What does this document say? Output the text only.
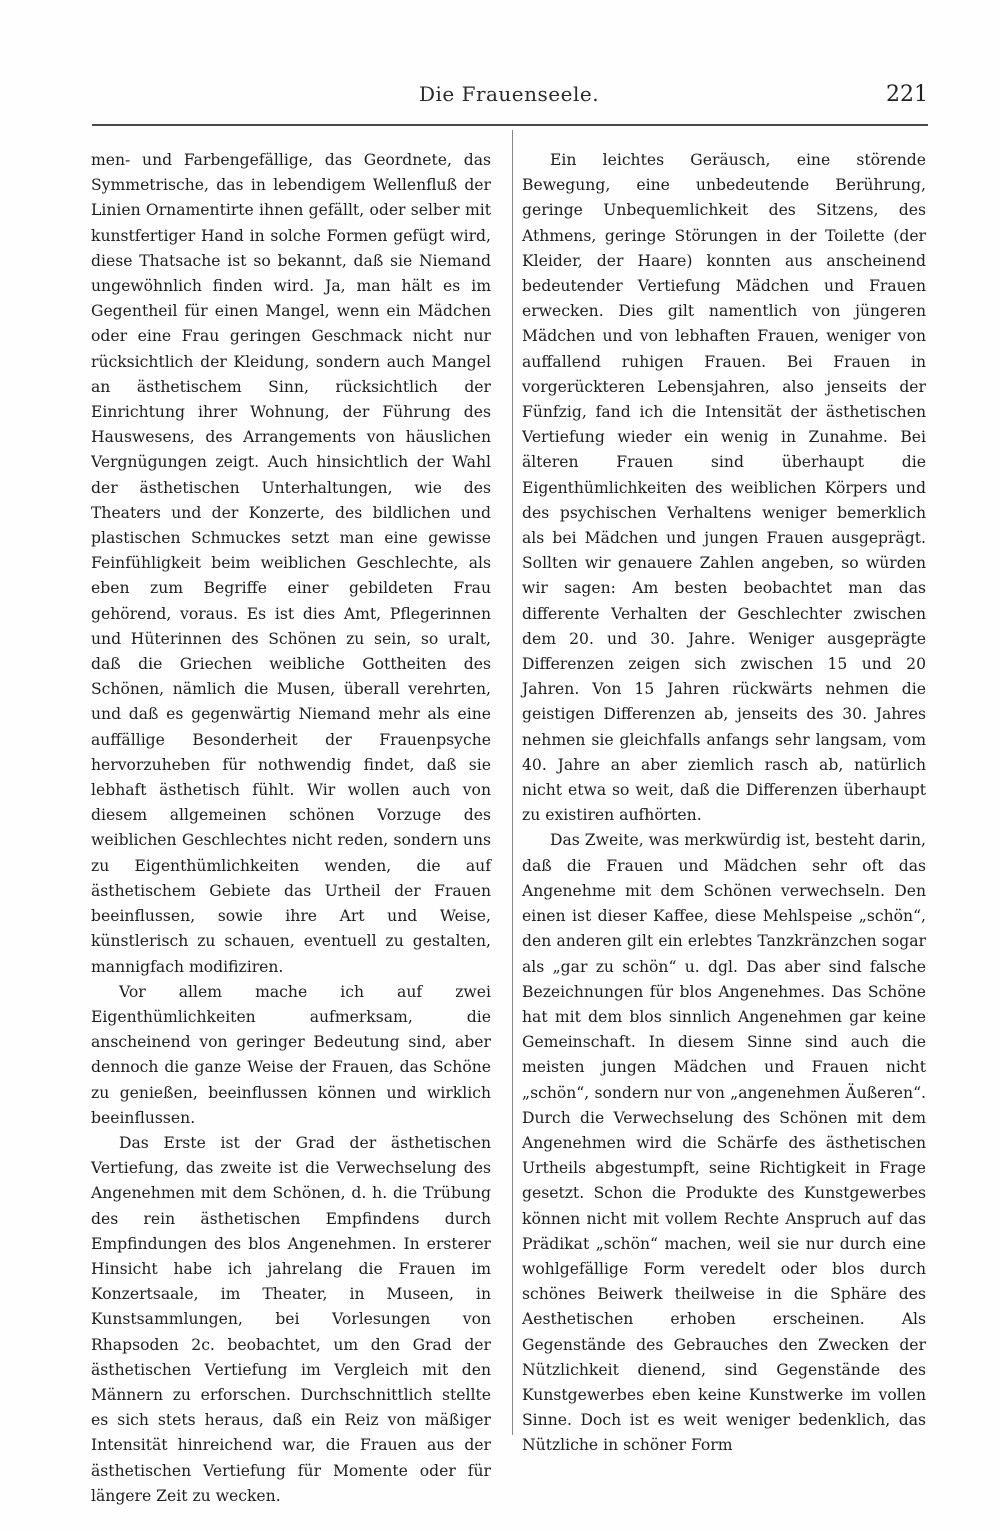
Die Frauenseele.	221

men- und Farbengefällige, das Geordnete, das Symmetrische, das in lebendigem Wellenfluß der Linien Ornamentirte ihnen gefällt, oder selber mit kunstfertiger Hand in solche Formen gefügt wird, diese Thatsache ist so bekannt, daß sie Niemand ungewöhnlich finden wird. Ja, man hält es im Gegentheil für einen Mangel, wenn ein Mädchen oder eine Frau geringen Geschmack nicht nur rücksichtlich der Kleidung, sondern auch Mangel an ästhetischem Sinn, rücksichtlich der Einrichtung ihrer Wohnung, der Führung des Hauswesens, des Arrangements von häuslichen Vergnügungen zeigt. Auch hinsichtlich der Wahl der ästhetischen Unterhaltungen, wie des Theaters und der Konzerte, des bildlichen und plastischen Schmuckes setzt man eine gewisse Feinfühligkeit beim weiblichen Geschlechte, als eben zum Begriffe einer gebildeten Frau gehörend, voraus. Es ist dies Amt, Pflegerinnen und Hüterinnen des Schönen zu sein, so uralt, daß die Griechen weibliche Gottheiten des Schönen, nämlich die Musen, überall verehrten, und daß es gegenwärtig Niemand mehr als eine auffällige Besonderheit der Frauenpsyche hervorzuheben für nothwendig findet, daß sie lebhaft ästhetisch fühlt. Wir wollen auch von diesem allgemeinen schönen Vorzuge des weiblichen Geschlechtes nicht reden, sondern uns zu Eigenthümlichkeiten wenden, die auf ästhetischem Gebiete das Urtheil der Frauen beeinflussen, sowie ihre Art und Weise, künstlerisch zu schauen, eventuell zu gestalten, mannigfach modifiziren.

Vor allem mache ich auf zwei Eigenthümlichkeiten aufmerksam, die anscheinend von geringer Bedeutung sind, aber dennoch die ganze Weise der Frauen, das Schöne zu genießen, beeinflussen können und wirklich beeinflussen.

Das Erste ist der Grad der ästhetischen Vertiefung, das zweite ist die Verwechselung des Angenehmen mit dem Schönen, d. h. die Trübung des rein ästhetischen Empfindens durch Empfindungen des blos Angenehmen. In ersterer Hinsicht habe ich jahrelang die Frauen im Konzertsaale, im Theater, in Museen, in Kunstsammlungen, bei Vorlesungen von Rhapsoden 2c. beobachtet, um den Grad der ästhetischen Vertiefung im Vergleich mit den Männern zu erforschen. Durchschnittlich stellte es sich stets heraus, daß ein Reiz von mäßiger Intensität hinreichend war, die Frauen aus der ästhetischen Vertiefung für Momente oder für längere Zeit zu wecken.

Ein leichtes Geräusch, eine störende Bewegung, eine unbedeutende Berührung, geringe Unbequemlichkeit des Sitzens, des Athmens, geringe Störungen in der Toilette (der Kleider, der Haare) konnten aus anscheinend bedeutender Vertiefung Mädchen und Frauen erwecken. Dies gilt namentlich von jüngeren Mädchen und von lebhaften Frauen, weniger von auffallend ruhigen Frauen. Bei Frauen in vorgerückteren Lebensjahren, also jenseits der Fünfzig, fand ich die Intensität der ästhetischen Vertiefung wieder ein wenig in Zunahme. Bei älteren Frauen sind überhaupt die Eigenthümlichkeiten des weiblichen Körpers und des psychischen Verhaltens weniger bemerklich als bei Mädchen und jungen Frauen ausgeprägt. Sollten wir genauere Zahlen angeben, so würden wir sagen: Am besten beobachtet man das differente Verhalten der Geschlechter zwischen dem 20. und 30. Jahre. Weniger ausgeprägte Differenzen zeigen sich zwischen 15 und 20 Jahren. Von 15 Jahren rückwärts nehmen die geistigen Differenzen ab, jenseits des 30. Jahres nehmen sie gleichfalls anfangs sehr langsam, vom 40. Jahre an aber ziemlich rasch ab, natürlich nicht etwa so weit, daß die Differenzen überhaupt zu existiren aufhörten.

Das Zweite, was merkwürdig ist, besteht darin, daß die Frauen und Mädchen sehr oft das Angenehme mit dem Schönen verwechseln. Den einen ist dieser Kaffee, diese Mehlspeise „schön“, den anderen gilt ein erlebtes Tanzkränzchen sogar als „gar zu schön“ u. dgl. Das aber sind falsche Bezeichnungen für blos Angenehmes. Das Schöne hat mit dem blos sinnlich Angenehmen gar keine Gemeinschaft. In diesem Sinne sind auch die meisten jungen Mädchen und Frauen nicht „schön“, sondern nur von „angenehmen Äußeren“. Durch die Verwechselung des Schönen mit dem Angenehmen wird die Schärfe des ästhetischen Urtheils abgestumpft, seine Richtigkeit in Frage gesetzt. Schon die Produkte des Kunstgewerbes können nicht mit vollem Rechte Anspruch auf das Prädikat „schön“ machen, weil sie nur durch eine wohlgefällige Form veredelt oder blos durch schönes Beiwerk theilweise in die Sphäre des Aesthetischen erhoben erscheinen. Als Gegenstände des Gebrauches den Zwecken der Nützlichkeit dienend, sind Gegenstände des Kunstgewerbes eben keine Kunstwerke im vollen Sinne. Doch ist es weit weniger bedenklich, das Nützliche in schöner Form
